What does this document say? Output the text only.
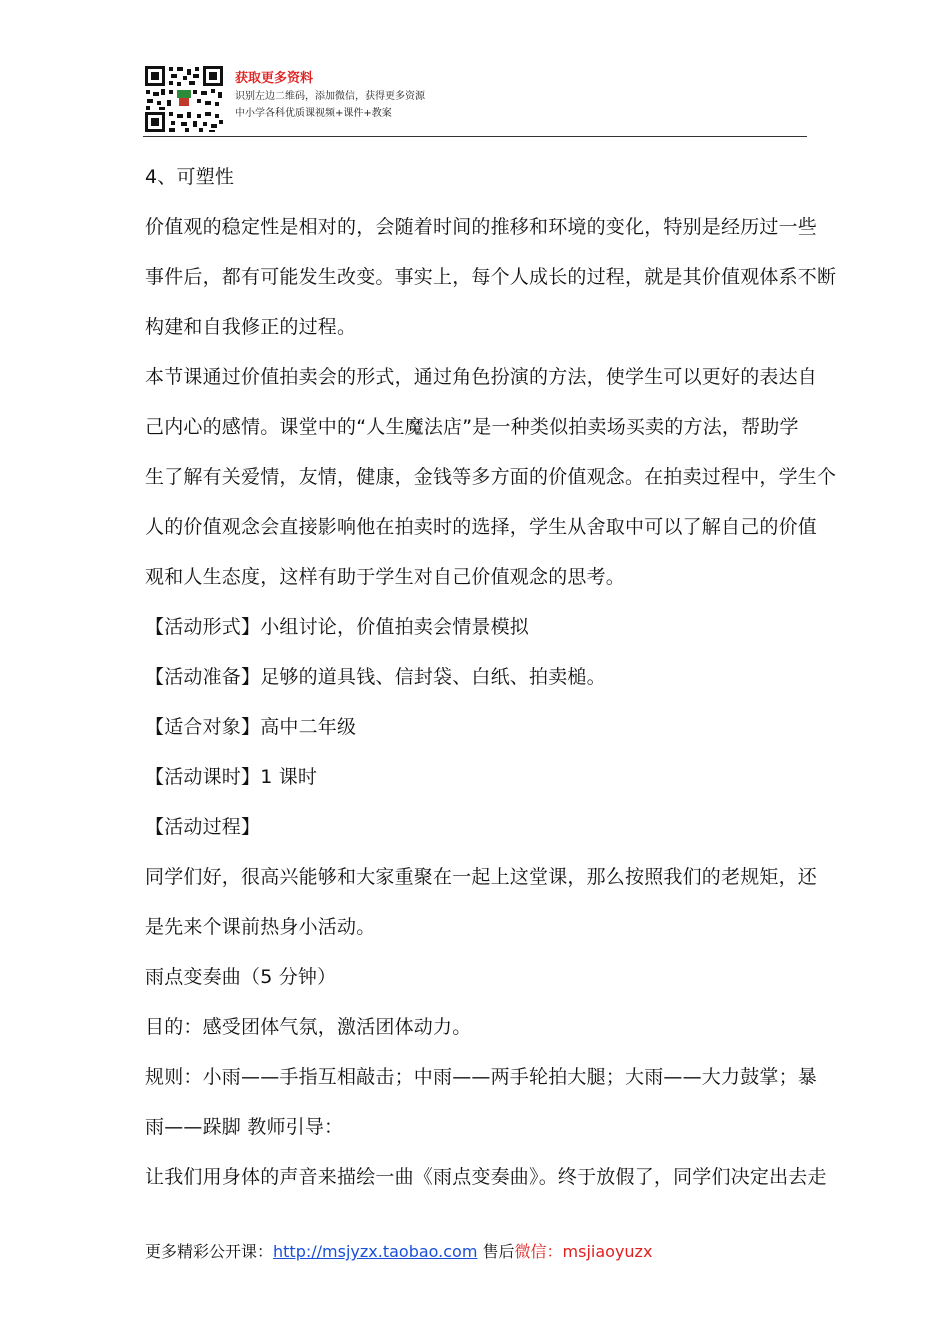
获取更多资料
识别左边二维码，添加微信，获得更多资源
中小学各科优质课视频+课件+教案

4、可塑性

价值观的稳定性是相对的，会随着时间的推移和环境的变化，特别是经历过一些

事件后，都有可能发生改变。事实上，每个人成长的过程，就是其价值观体系不断

构建和自我修正的过程。

本节课通过价值拍卖会的形式，通过角色扮演的方法，使学生可以更好的表达自

己内心的感情。课堂中的“人生魔法店”是一种类似拍卖场买卖的方法，帮助学

生了解有关爱情，友情，健康，金钱等多方面的价值观念。在拍卖过程中，学生个

人的价值观念会直接影响他在拍卖时的选择，学生从舍取中可以了解自己的价值

观和人生态度，这样有助于学生对自己价值观念的思考。

【活动形式】小组讨论，价值拍卖会情景模拟

【活动准备】足够的道具钱、信封袋、白纸、拍卖槌。

【适合对象】高中二年级

【活动课时】1 课时

【活动过程】

同学们好，很高兴能够和大家重聚在一起上这堂课，那么按照我们的老规矩，还

是先来个课前热身小活动。

雨点变奏曲（5 分钟）

目的：感受团体气氛，激活团体动力。

规则：小雨——手指互相敲击；中雨——两手轮拍大腿；大雨——大力鼓掌；暴

雨——跺脚 教师引导：

让我们用身体的声音来描绘一曲《雨点变奏曲》。终于放假了，同学们决定出去走

更多精彩公开课：http://msjyzx.taobao.com 售后微信：msjiaoyuzx
